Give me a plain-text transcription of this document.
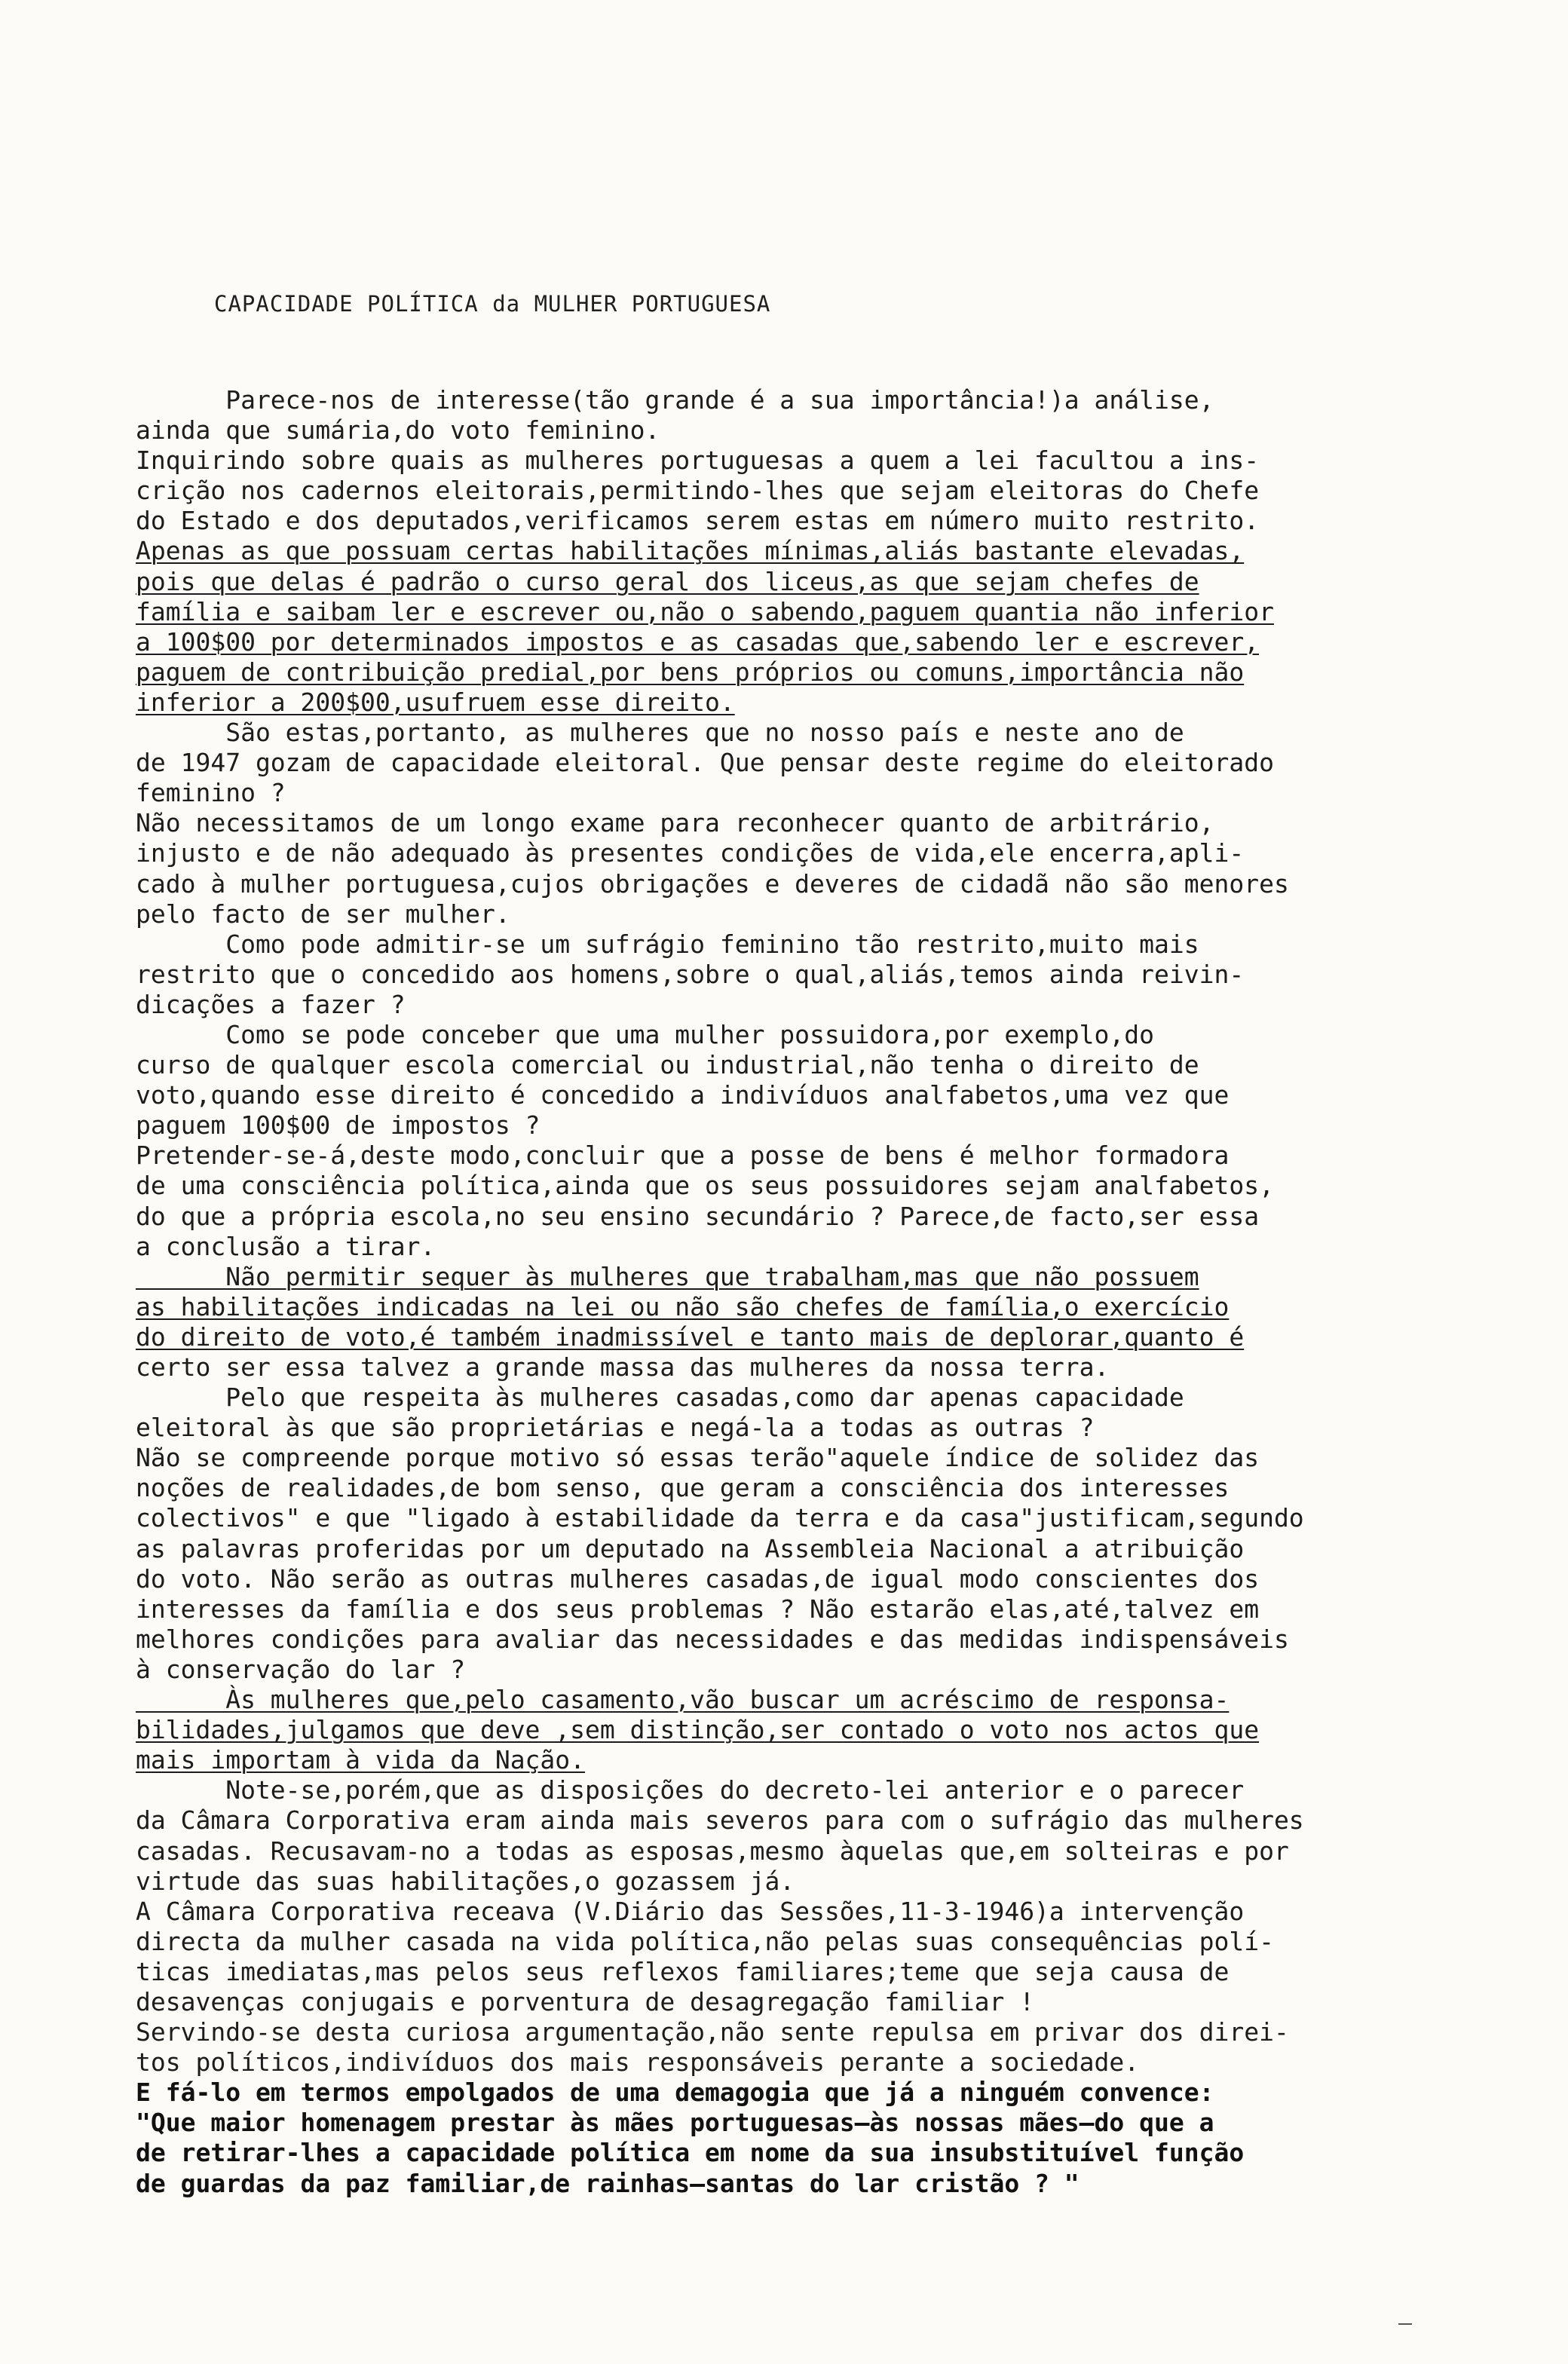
CAPACIDADE POLÍTICA da MULHER PORTUGUESA
Parece-nos de interesse(tão grande é a sua importância!)a análise,
ainda que sumária,do voto feminino.
Inquirindo sobre quais as mulheres portuguesas a quem a lei facultou a ins-
crição nos cadernos eleitorais,permitindo-lhes que sejam eleitoras do Chefe
do Estado e dos deputados,verificamos serem estas em número muito restrito.
Apenas as que possuam certas habilitações mínimas,aliás bastante elevadas,
pois que delas é padrão o curso geral dos liceus,as que sejam chefes de
família e saibam ler e escrever ou,não o sabendo,paguem quantia não inferior
a 100$00 por determinados impostos e as casadas que,sabendo ler e escrever,
paguem de contribuição predial,por bens próprios ou comuns,importância não
inferior a 200$00,usufruem esse direito.
São estas,portanto, as mulheres que no nosso país e neste ano de
de 1947 gozam de capacidade eleitoral. Que pensar deste regime do eleitorado
feminino ?
Não necessitamos de um longo exame para reconhecer quanto de arbitrário,
injusto e de não adequado às presentes condições de vida,ele encerra,apli-
cado à mulher portuguesa,cujos obrigações e deveres de cidadã não são menores
pelo facto de ser mulher.
Como pode admitir-se um sufrágio feminino tão restrito,muito mais
restrito que o concedido aos homens,sobre o qual,aliás,temos ainda reivin-
dicações a fazer ?
Como se pode conceber que uma mulher possuidora,por exemplo,do
curso de qualquer escola comercial ou industrial,não tenha o direito de
voto,quando esse direito é concedido a indivíduos analfabetos,uma vez que
paguem 100$00 de impostos ?
Pretender-se-á,deste modo,concluir que a posse de bens é melhor formadora
de uma consciência política,ainda que os seus possuidores sejam analfabetos,
do que a própria escola,no seu ensino secundário ? Parece,de facto,ser essa
a conclusão a tirar.
Não permitir sequer às mulheres que trabalham,mas que não possuem
as habilitações indicadas na lei ou não são chefes de família,o exercício
do direito de voto,é também inadmissível e tanto mais de deplorar,quanto é
certo ser essa talvez a grande massa das mulheres da nossa terra.
Pelo que respeita às mulheres casadas,como dar apenas capacidade
eleitoral às que são proprietárias e negá-la a todas as outras ?
Não se compreende porque motivo só essas terão"aquele índice de solidez das
noções de realidades,de bom senso, que geram a consciência dos interesses
colectivos" e que "ligado à estabilidade da terra e da casa"justificam,segundo
as palavras proferidas por um deputado na Assembleia Nacional a atribuição
do voto. Não serão as outras mulheres casadas,de igual modo conscientes dos
interesses da família e dos seus problemas ? Não estarão elas,até,talvez em
melhores condições para avaliar das necessidades e das medidas indispensáveis
à conservação do lar ?
Às mulheres que,pelo casamento,vão buscar um acréscimo de responsa-
bilidades,julgamos que deve ,sem distinção,ser contado o voto nos actos que
mais importam à vida da Nação.
Note-se,porém,que as disposições do decreto-lei anterior e o parecer
da Câmara Corporativa eram ainda mais severos para com o sufrágio das mulheres
casadas. Recusavam-no a todas as esposas,mesmo àquelas que,em solteiras e por
virtude das suas habilitações,o gozassem já.
A Câmara Corporativa receava (V.Diário das Sessões,11-3-1946)a intervenção
directa da mulher casada na vida política,não pelas suas consequências polí-
ticas imediatas,mas pelos seus reflexos familiares;teme que seja causa de
desavenças conjugais e porventura de desagregação familiar !
Servindo-se desta curiosa argumentação,não sente repulsa em privar dos direi-
tos políticos,indivíduos dos mais responsáveis perante a sociedade.
E fá-lo em termos empolgados de uma demagogia que já a ninguém convence:
"Que maior homenagem prestar às mães portuguesas—às nossas mães—do que a
de retirar-lhes a capacidade política em nome da sua insubstituível função
de guardas da paz familiar,de rainhas—santas do lar cristão ? "
